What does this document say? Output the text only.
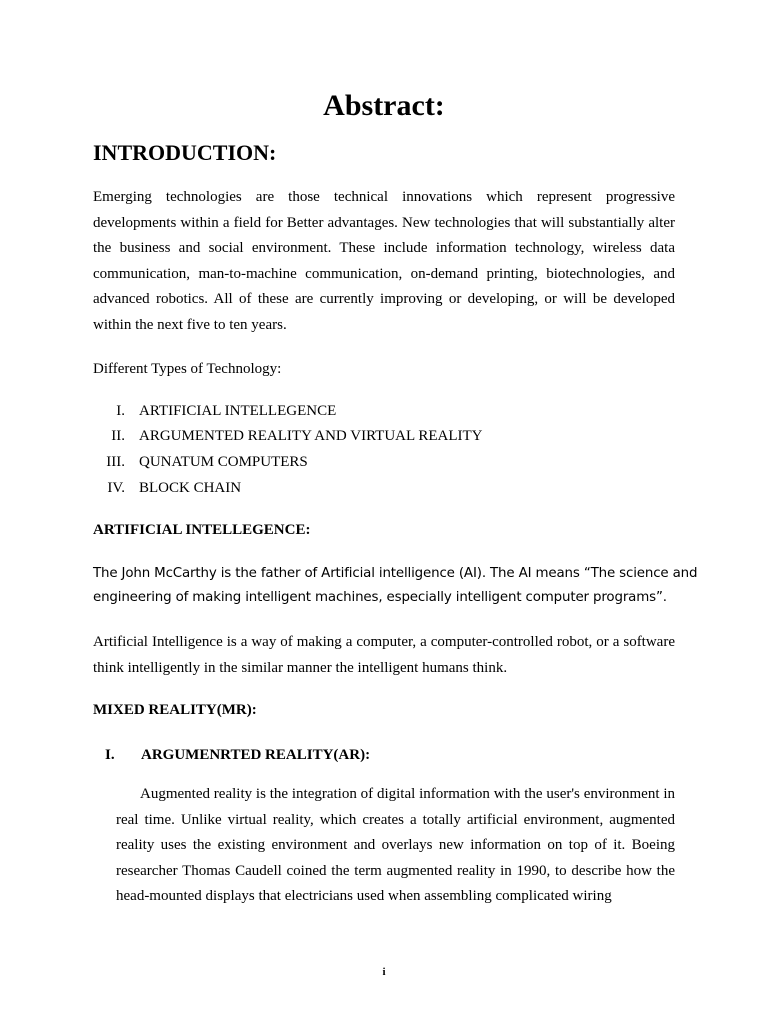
Abstract:
INTRODUCTION:

Emerging technologies are those technical innovations which represent progressive developments within a field for Better advantages. New technologies that will substantially alter the business and social environment. These include information technology, wireless data communication, man-to-machine communication, on-demand printing, biotechnologies, and advanced robotics. All of these are currently improving or developing, or will be developed within the next five to ten years.

Different Types of Technology:
I. ARTIFICIAL INTELLEGENCE
II. ARGUMENTED REALITY AND VIRTUAL REALITY
III. QUNATUM COMPUTERS
IV. BLOCK CHAIN
ARTIFICIAL INTELLEGENCE:
The John McCarthy is the father of Artificial intelligence (AI). The AI means “The science and
engineering of making intelligent machines, especially intelligent computer programs”.

Artificial Intelligence is a way of making a computer, a computer-controlled robot, or a software think intelligently in the similar manner the intelligent humans think.

MIXED REALITY(MR):
I. ARGUMENRTED REALITY(AR):

Augmented reality is the integration of digital information with the user's environment in real time. Unlike virtual reality, which creates a totally artificial environment, augmented reality uses the existing environment and overlays new information on top of it. Boeing researcher Thomas Caudell coined the term augmented reality in 1990, to describe how the head-mounted displays that electricians used when assembling complicated wiring

i
